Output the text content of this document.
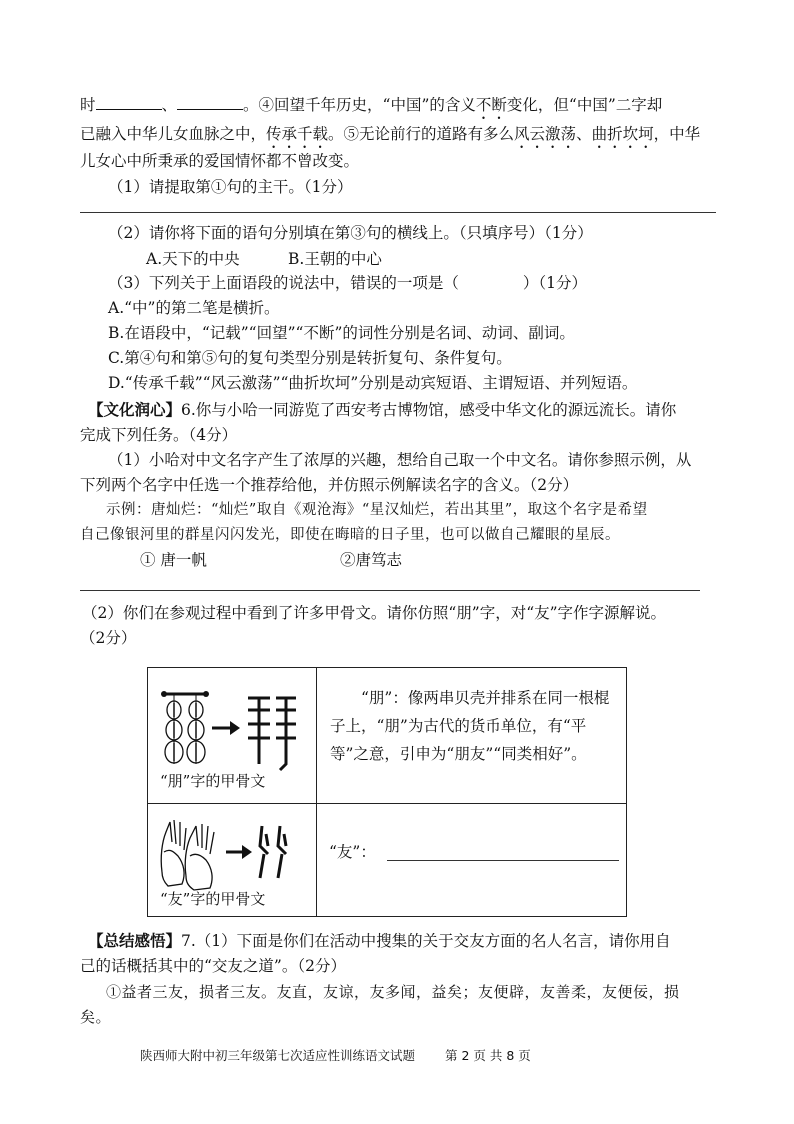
时	、	。④回望千年历史，“中国”的含义不断变化，但“中国”二字却
已融入中华儿女血脉之中，传承千载。⑤无论前行的道路有多么风云激荡、曲折坎坷，中华
儿女心中所秉承的爱国情怀都不曾改变。
（1）请提取第①句的主干。（1分）
（2）请你将下面的语句分别填在第③句的横线上。（只填序号）（1分）
A.天下的中央	B.王朝的中心
（3）下列关于上面语段的说法中，错误的一项是（	）（1分）
A.“中”的第二笔是横折。
B.在语段中，“记载”“回望”“不断”的词性分别是名词、动词、副词。
C.第④句和第⑤句的复句类型分别是转折复句、条件复句。
D.“传承千载”“风云激荡”“曲折坎坷”分别是动宾短语、主谓短语、并列短语。
【文化润心】6.你与小哈一同游览了西安考古博物馆，感受中华文化的源远流长。请你
完成下列任务。（4分）
（1）小哈对中文名字产生了浓厚的兴趣，想给自己取一个中文名。请你参照示例，从
下列两个名字中任选一个推荐给他，并仿照示例解读名字的含义。（2分）
示例：唐灿烂：“灿烂”取自《观沧海》“星汉灿烂，若出其里”，取这个名字是希望
自己像银河里的群星闪闪发光，即使在晦暗的日子里，也可以做自己耀眼的星辰。
① 唐一帆	②唐笃志
（2）你们在参观过程中看到了许多甲骨文。请你仿照“朋”字，对“友”字作字源解说。
（2分）
“朋”字的甲骨文	“朋”：像两串贝壳并排系在同一根棍子上，“朋”为古代的货币单位，有“平等”之意，引申为“朋友”“同类相好”。

“友”字的甲骨文	“友”：
【总结感悟】7.（1）下面是你们在活动中搜集的关于交友方面的名人名言，请你用自
己的话概括其中的“交友之道”。（2分）
①益者三友，损者三友。友直，友谅，友多闻，益矣；友便辟，友善柔，友便佞，损
矣。
陕西师大附中初三年级第七次适应性训练语文试题 第 2 页 共 8 页
